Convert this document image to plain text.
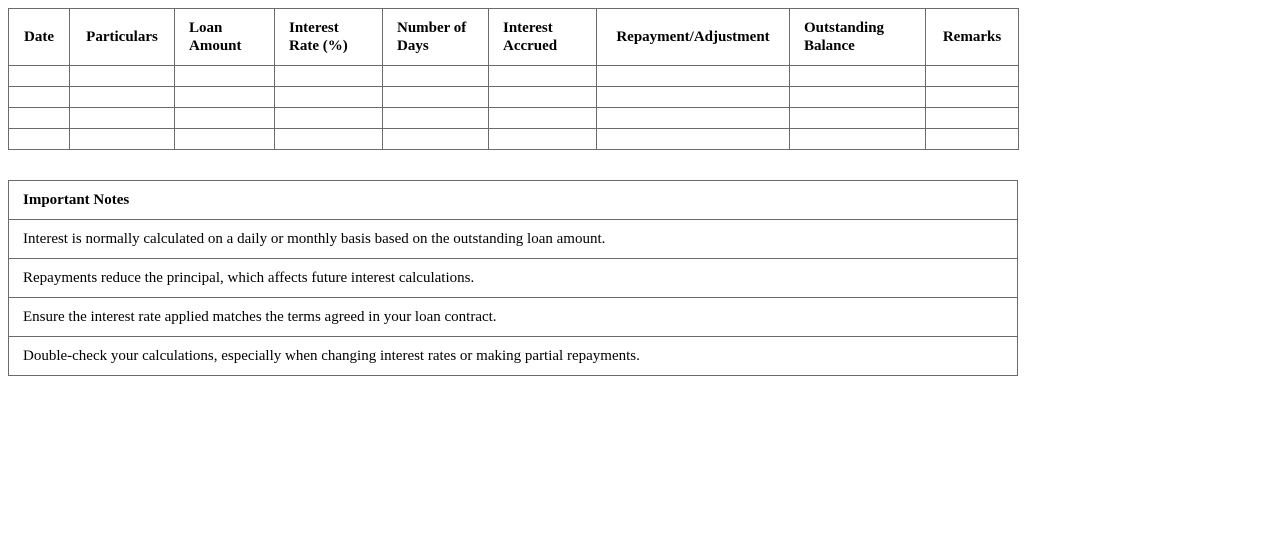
Date	Particulars	Loan Amount	Interest Rate (%)	Number of Days	Interest Accrued	Repayment/Adjustment	Outstanding Balance	Remarks

Important Notes
Interest is normally calculated on a daily or monthly basis based on the outstanding loan amount.
Repayments reduce the principal, which affects future interest calculations.
Ensure the interest rate applied matches the terms agreed in your loan contract.
Double-check your calculations, especially when changing interest rates or making partial repayments.
